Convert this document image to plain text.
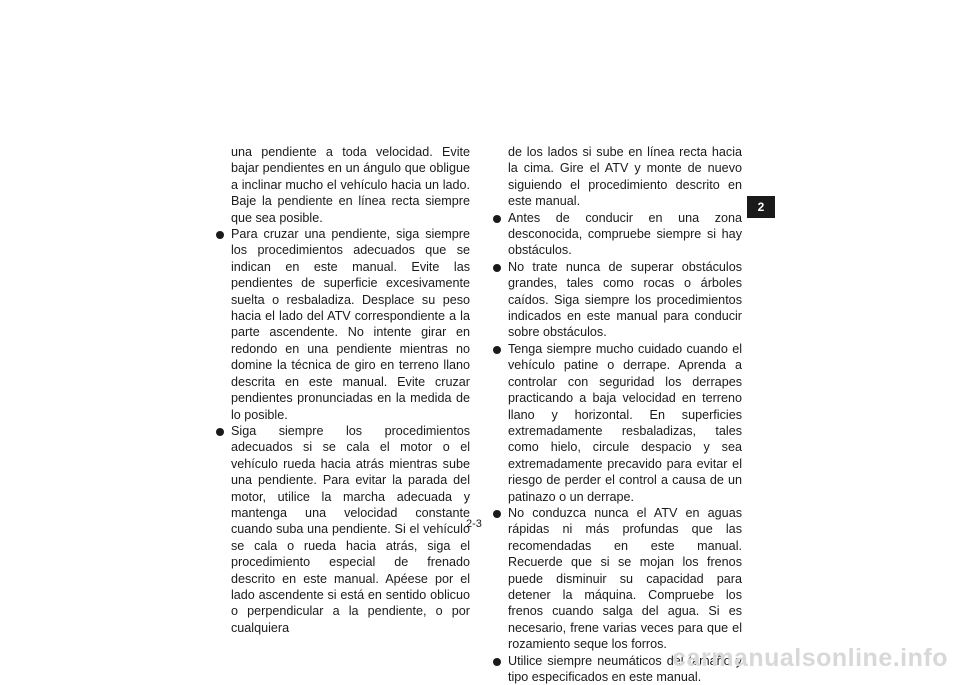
una pendiente a toda velocidad. Evite bajar pendientes en un ángulo que obligue a inclinar mucho el vehículo hacia un lado. Baje la pendiente en línea recta siempre que sea posible.

Para cruzar una pendiente, siga siempre los procedimientos adecuados que se indican en este manual. Evite las pendientes de superficie excesivamente suelta o resbaladiza. Desplace su peso hacia el lado del ATV correspondiente a la parte ascendente. No intente girar en redondo en una pendiente mientras no domine la técnica de giro en terreno llano descrita en este manual. Evite cruzar pendientes pronunciadas en la medida de lo posible.

Siga siempre los procedimientos adecuados si se cala el motor o el vehículo rueda hacia atrás mientras sube una pendiente. Para evitar la parada del motor, utilice la marcha adecuada y mantenga una velocidad constante cuando suba una pendiente. Si el vehículo se cala o rueda hacia atrás, siga el procedimiento especial de frenado descrito en este manual. Apéese por el lado ascendente si está en sentido oblicuo o perpendicular a la pendiente, o por cualquiera

de los lados si sube en línea recta hacia la cima. Gire el ATV y monte de nuevo siguiendo el procedimiento descrito en este manual.

Antes de conducir en una zona desconocida, compruebe siempre si hay obstáculos.

No trate nunca de superar obstáculos grandes, tales como rocas o árboles caídos. Siga siempre los procedimientos indicados en este manual para conducir sobre obstáculos.

Tenga siempre mucho cuidado cuando el vehículo patine o derrape. Aprenda a controlar con seguridad los derrapes practicando a baja velocidad en terreno llano y horizontal. En superficies extremadamente resbaladizas, tales como hielo, circule despacio y sea extremadamente precavido para evitar el riesgo de perder el control a causa de un patinazo o un derrape.

No conduzca nunca el ATV en aguas rápidas ni más profundas que las recomendadas en este manual. Recuerde que si se mojan los frenos puede disminuir su capacidad para detener la máquina. Compruebe los frenos cuando salga del agua. Si es necesario, frene varias veces para que el rozamiento seque los forros.

Utilice siempre neumáticos del tamaño y tipo especificados en este manual.

2
2-3
carmanualsonline.info
